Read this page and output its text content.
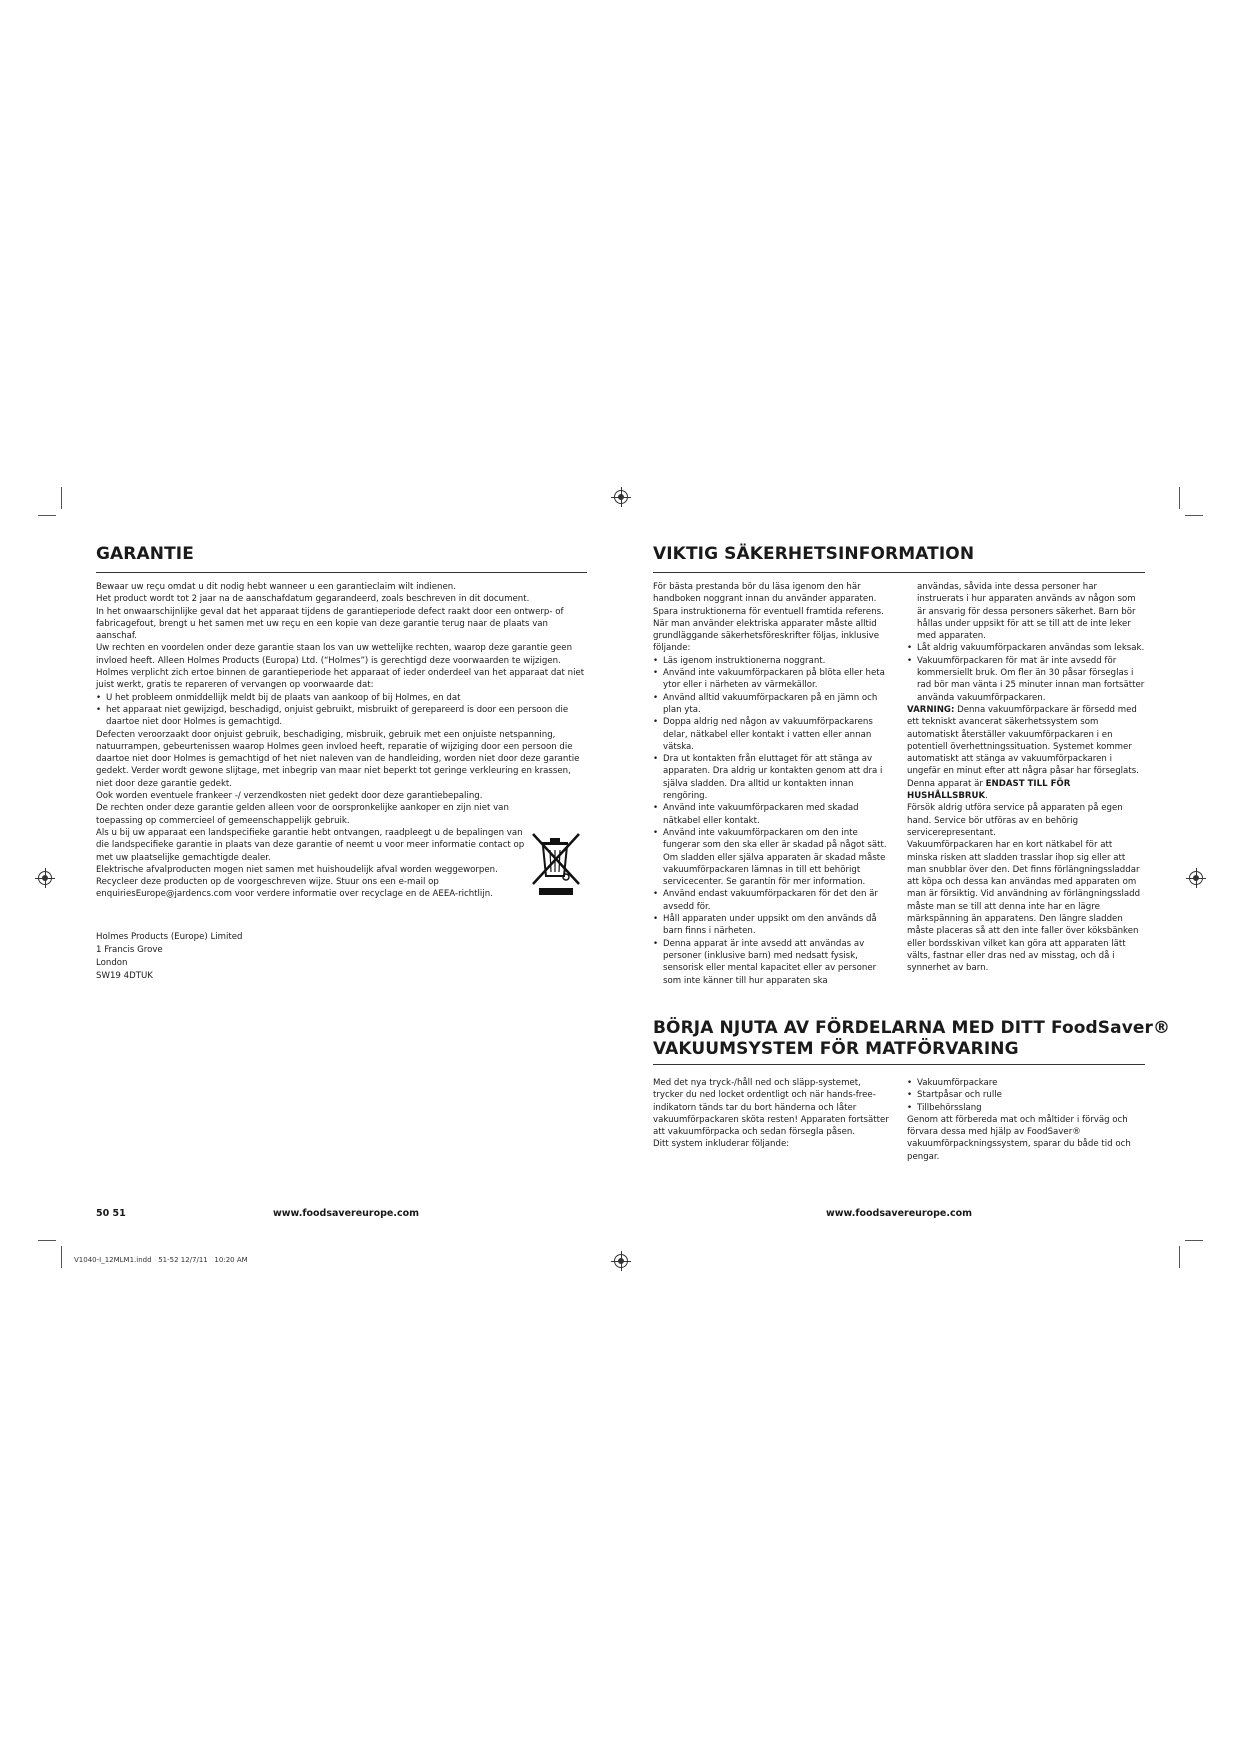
GARANTIE

Bewaar uw reçu omdat u dit nodig hebt wanneer u een garantieclaim wilt indienen.

Het product wordt tot 2 jaar na de aanschafdatum gegarandeerd, zoals beschreven in dit document.

In het onwaarschijnlijke geval dat het apparaat tijdens de garantieperiode defect raakt door een ontwerp- of fabricagefout, brengt u het samen met uw reçu en een kopie van deze garantie terug naar de plaats van aanschaf.

Uw rechten en voordelen onder deze garantie staan los van uw wettelijke rechten, waarop deze garantie geen invloed heeft. Alleen Holmes Products (Europa) Ltd. (“Holmes”) is gerechtigd deze voorwaarden te wijzigen.

Holmes verplicht zich ertoe binnen de garantieperiode het apparaat of ieder onderdeel van het apparaat dat niet juist werkt, gratis te repareren of vervangen op voorwaarde dat:

• U het probleem onmiddellijk meldt bij de plaats van aankoop of bij Holmes, en dat
• het apparaat niet gewijzigd, beschadigd, onjuist gebruikt, misbruikt of gerepareerd is door een persoon die daartoe niet door Holmes is gemachtigd.

Defecten veroorzaakt door onjuist gebruik, beschadiging, misbruik, gebruik met een onjuiste netspanning, natuurrampen, gebeurtenissen waarop Holmes geen invloed heeft, reparatie of wijziging door een persoon die daartoe niet door Holmes is gemachtigd of het niet naleven van de handleiding, worden niet door deze garantie gedekt. Verder wordt gewone slijtage, met inbegrip van maar niet beperkt tot geringe verkleuring en krassen, niet door deze garantie gedekt.

Ook worden eventuele frankeer -/ verzendkosten niet gedekt door deze garantiebepaling.

De rechten onder deze garantie gelden alleen voor de oorspronkelijke aankoper en zijn niet van toepassing op commercieel of gemeenschappelijk gebruik.

Als u bij uw apparaat een landspecifieke garantie hebt ontvangen, raadpleegt u de bepalingen van die landspecifieke garantie in plaats van deze garantie of neemt u voor meer informatie contact op met uw plaatselijke gemachtigde dealer.

Elektrische afvalproducten mogen niet samen met huishoudelijk afval worden weggeworpen. Recycleer deze producten op de voorgeschreven wijze. Stuur ons een e-mail op enquiriesEurope@jardencs.com voor verdere informatie over recyclage en de AEEA-richtlijn.

Holmes Products (Europe) Limited

1 Francis Grove

London

SW19 4DTUK

50 51	www.foodsavereurope.com
VIKTIG SÄKERHETSINFORMATION

För bästa prestanda bör du läsa igenom den här handboken noggrant innan du använder apparaten. Spara instruktionerna för eventuell framtida referens. När man använder elektriska apparater måste alltid grundläggande säkerhetsföreskrifter följas, inklusive följande:

• Läs igenom instruktionerna noggrant.
• Använd inte vakuumförpackaren på blöta eller heta ytor eller i närheten av värmekällor.
• Använd alltid vakuumförpackaren på en jämn och plan yta.
• Doppa aldrig ned någon av vakuumförpackarens delar, nätkabel eller kontakt i vatten eller annan vätska.
• Dra ut kontakten från eluttaget för att stänga av apparaten. Dra aldrig ur kontakten genom att dra i själva sladden. Dra alltid ur kontakten innan rengöring.
• Använd inte vakuumförpackaren med skadad nätkabel eller kontakt.
• Använd inte vakuumförpackaren om den inte fungerar som den ska eller är skadad på något sätt. Om sladden eller själva apparaten är skadad måste vakuumförpackaren lämnas in till ett behörigt servicecenter. Se garantin för mer information.
• Använd endast vakuumförpackaren för det den är avsedd för.
• Håll apparaten under uppsikt om den används då barn finns i närheten.
• Denna apparat är inte avsedd att användas av personer (inklusive barn) med nedsatt fysisk, sensorisk eller mental kapacitet eller av personer som inte känner till hur apparaten ska

användas, såvida inte dessa personer har instruerats i hur apparaten används av någon som är ansvarig för dessa personers säkerhet. Barn bör hållas under uppsikt för att se till att de inte leker med apparaten.

• Låt aldrig vakuumförpackaren användas som leksak.
• Vakuumförpackaren för mat är inte avsedd för kommersiellt bruk. Om fler än 30 påsar förseglas i rad bör man vänta i 25 minuter innan man fortsätter använda vakuumförpackaren.

VARNING: Denna vakuumförpackare är försedd med ett tekniskt avancerat säkerhetssystem som automatiskt återställer vakuumförpackaren i en potentiell överhettningssituation. Systemet kommer automatiskt att stänga av vakuumförpackaren i ungefär en minut efter att några påsar har förseglats.

Denna apparat är ENDAST TILL FÖR HUSHÅLLSBRUK.

Försök aldrig utföra service på apparaten på egen hand. Service bör utföras av en behörig servicerepresentant.

Vakuumförpackaren har en kort nätkabel för att minska risken att sladden trasslar ihop sig eller att man snubblar över den. Det finns förlängningssladdar att köpa och dessa kan användas med apparaten om man är försiktig. Vid användning av förlängningssladd måste man se till att denna inte har en lägre märkspänning än apparatens. Den längre sladden måste placeras så att den inte faller över köksbänken eller bordsskivan vilket kan göra att apparaten lätt välts, fastnar eller dras ned av misstag, och då i synnerhet av barn.

BÖRJA NJUTA AV FÖRDELARNA MED DITT FoodSaver®
VAKUUMSYSTEM FÖR MATFÖRVARING

Med det nya tryck-/håll ned och släpp-systemet, trycker du ned locket ordentligt och när hands-free-indikatorn tänds tar du bort händerna och låter vakuumförpackaren sköta resten! Apparaten fortsätter att vakuumförpacka och sedan försegla påsen.

Ditt system inkluderar följande:

• Vakuumförpackare
• Startpåsar och rulle
• Tillbehörsslang

Genom att förbereda mat och måltider i förväg och förvara dessa med hjälp av FoodSaver® vakuumförpackningssystem, sparar du både tid och pengar.

www.foodsavereurope.com
V1040-I_12MLM1.indd   51-52 12/7/11   10:20 AM
